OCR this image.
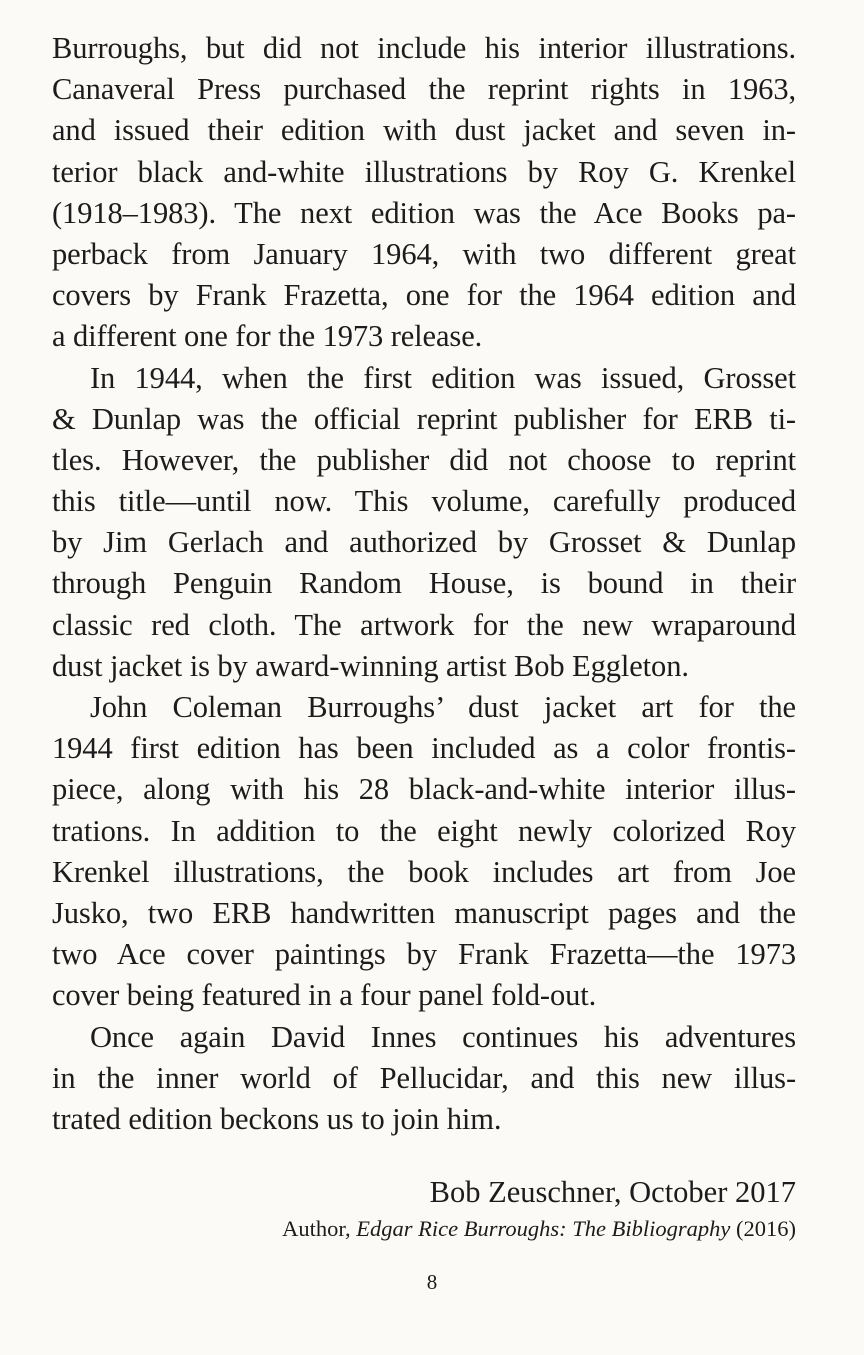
Burroughs, but did not include his interior illustrations.
Canaveral Press purchased the reprint rights in 1963,
and issued their edition with dust jacket and seven in-
terior black and-white illustrations by Roy G. Krenkel
(1918–1983). The next edition was the Ace Books pa-
perback from January 1964, with two different great
covers by Frank Frazetta, one for the 1964 edition and
a different one for the 1973 release.
In 1944, when the first edition was issued, Grosset
& Dunlap was the official reprint publisher for ERB ti-
tles. However, the publisher did not choose to reprint
this title—until now. This volume, carefully produced
by Jim Gerlach and authorized by Grosset & Dunlap
through Penguin Random House, is bound in their
classic red cloth. The artwork for the new wraparound
dust jacket is by award-winning artist Bob Eggleton.
John Coleman Burroughs’ dust jacket art for the
1944 first edition has been included as a color frontis-
piece, along with his 28 black-and-white interior illus-
trations. In addition to the eight newly colorized Roy
Krenkel illustrations, the book includes art from Joe
Jusko, two ERB handwritten manuscript pages and the
two Ace cover paintings by Frank Frazetta—the 1973
cover being featured in a four panel fold-out.
Once again David Innes continues his adventures
in the inner world of Pellucidar, and this new illus-
trated edition beckons us to join him.
Bob Zeuschner, October 2017
Author, Edgar Rice Burroughs: The Bibliography (2016)
8
